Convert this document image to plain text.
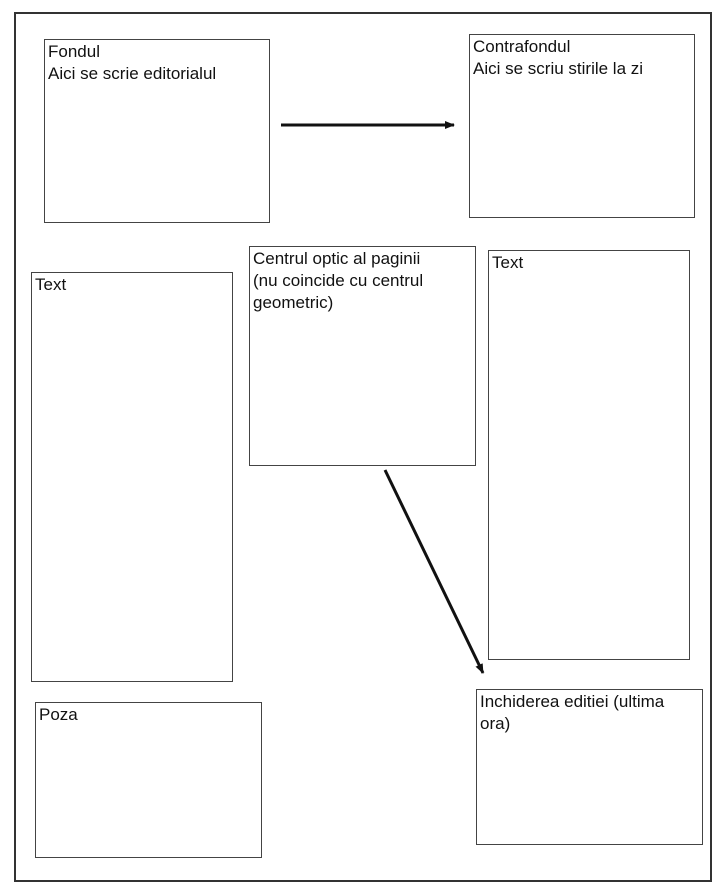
Fondul
Aici se scrie editorialul
Contrafondul
Aici se scriu stirile la zi
Text
Centrul optic al paginii
(nu coincide cu centrul
geometric)
Text
Poza
Inchiderea editiei (ultima
ora)
